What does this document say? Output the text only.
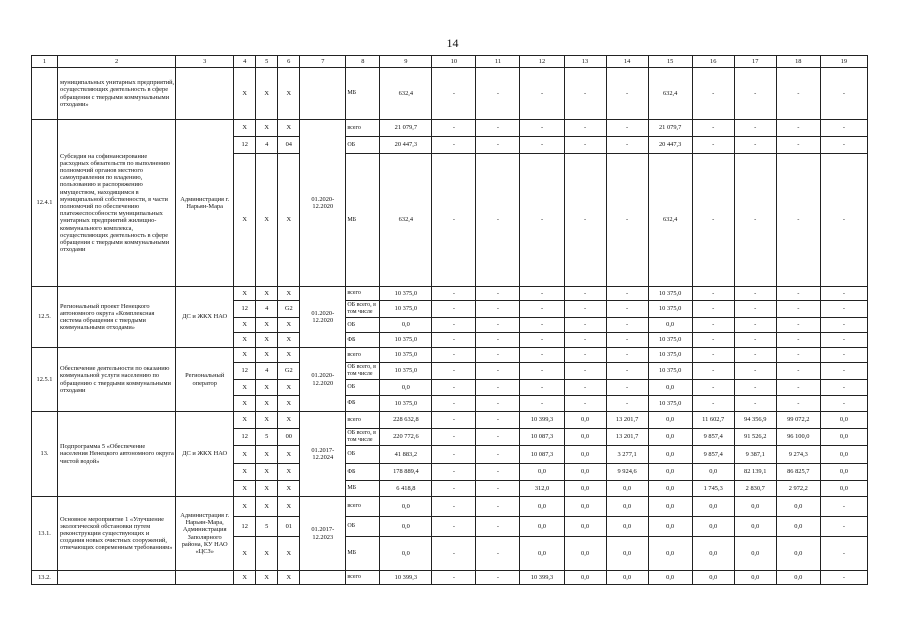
14
1	2	3	4	5	6	7	8	9	10	11	12	13	14	15	16	17	18	19
	муниципальных унитарных предприятий, осуществляющих деятельность в сфере обращения с твердыми коммунальными отходами»		X	X	X		МБ	632,4	-	-	-	-	-	632,4	-	-	-	-
12.4.1	Субсидия на софинансирование расходных обязательств по выполнению полномочий органов местного самоуправления по владению, пользованию и распоряжению имуществом, находящимся в муниципальной собственности, в части полномочий по обеспечению платежеспособности муниципальных унитарных предприятий жилищно-коммунального комплекса, осуществляющих деятельность в сфере обращения с твердыми коммунальными отходами	Администрация г. Нарьян-Мара	X	X	X	01.2020-12.2020	всего	21 079,7	-	-	-	-	-	21 079,7	-	-	-	-
			12	4	04		ОБ	20 447,3	-	-	-	-	-	20 447,3	-	-	-	-
			X	X	X		МБ	632,4	-	-	-	-	-	632,4	-	-	-	-
12.5.	Региональный проект Ненецкого автономного округа «Комплексная система обращения с твердыми коммунальными отходами»	ДС и ЖКХ НАО	X	X	X	01.2020-12.2020	всего	10 375,0	-	-	-	-	-	10 375,0	-	-	-	-
			12	4	G2		ОБ всего, в том числе	10 375,0	-	-	-	-	-	10 375,0	-	-	-	-
			X	X	X		ОБ	0,0	-	-	-	-	-	0,0	-	-	-	-
			X	X	X		ФБ	10 375,0	-	-	-	-	-	10 375,0	-	-	-	-
12.5.1	Обеспечение деятельности по оказанию коммунальной услуги населению по обращению с твердыми коммунальными отходами	Региональный оператор	X	X	X	01.2020-12.2020	всего	10 375,0	-	-	-	-	-	10 375,0	-	-	-	-
			12	4	G2		ОБ всего, в том числе	10 375,0	-	-	-	-	-	10 375,0	-	-	-	-
			X	X	X		ОБ	0,0	-	-	-	-	-	0,0	-	-	-	-
			X	X	X		ФБ	10 375,0	-	-	-	-	-	10 375,0	-	-	-	-
13.	Подпрограмма 5 «Обеспечение населения Ненецкого автономного округа чистой водой»	ДС и ЖКХ НАО	X	X	X	01.2017-12.2024	всего	228 632,8	-	-	10 399,3	0,0	13 201,7	0,0	11 602,7	94 356,9	99 072,2	0,0
			12	5	00		ОБ всего, в том числе	220 772,6	-	-	10 087,3	0,0	13 201,7	0,0	9 857,4	91 526,2	96 100,0	0,0
			X	X	X		ОБ	41 883,2	-	-	10 087,3	0,0	3 277,1	0,0	9 857,4	9 387,1	9 274,3	0,0
			X	X	X		ФБ	178 889,4	-	-	0,0	0,0	9 924,6	0,0	0,0	82 139,1	86 825,7	0,0
			X	X	X		МБ	6 418,8	-	-	312,0	0,0	0,0	0,0	1 745,3	2 830,7	2 972,2	0,0
13.1.	Основное мероприятие 1 «Улучшение экологической обстановки путем реконструкции существующих и создания новых очистных сооружений, отвечающих современным требованиям»	Администрация г. Нарьян-Мара, Администрация Заполярного района, КУ НАО «ЦСЗ»	X	X	X	01.2017-12.2023	всего	0,0	-	-	0,0	0,0	0,0	0,0	0,0	0,0	0,0	-
			12	5	01		ОБ	0,0	-	-	0,0	0,0	0,0	0,0	0,0	0,0	0,0	-
			X	X	X		МБ	0,0	-	-	0,0	0,0	0,0	0,0	0,0	0,0	0,0	-
13.2.			X	X	X		всего	10 399,3	-	-	10 399,3	0,0	0,0	0,0	0,0	0,0	0,0	-
